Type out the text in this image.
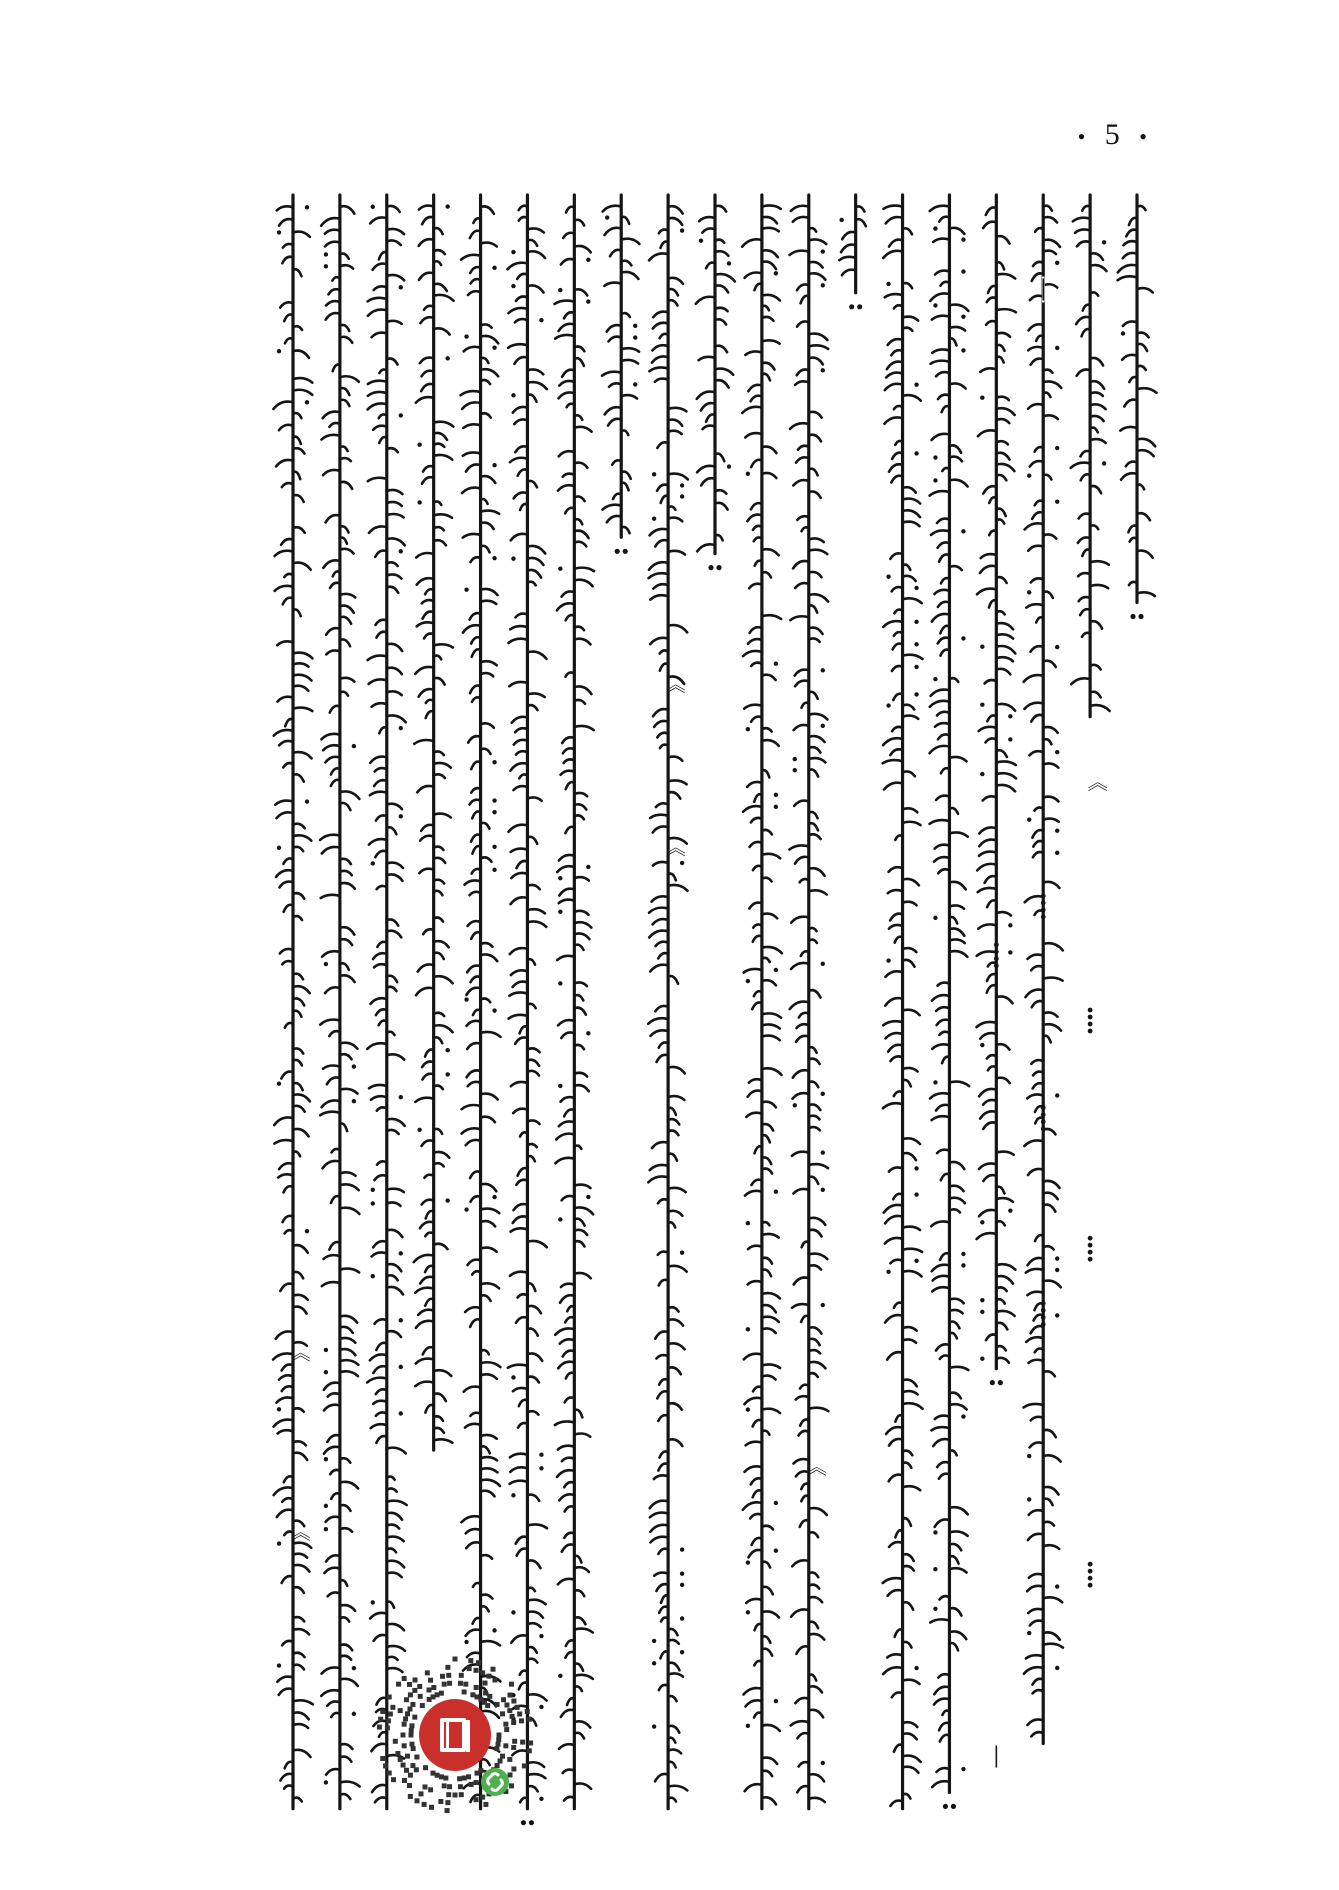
• 5 •
《
《
《
《
《
《
